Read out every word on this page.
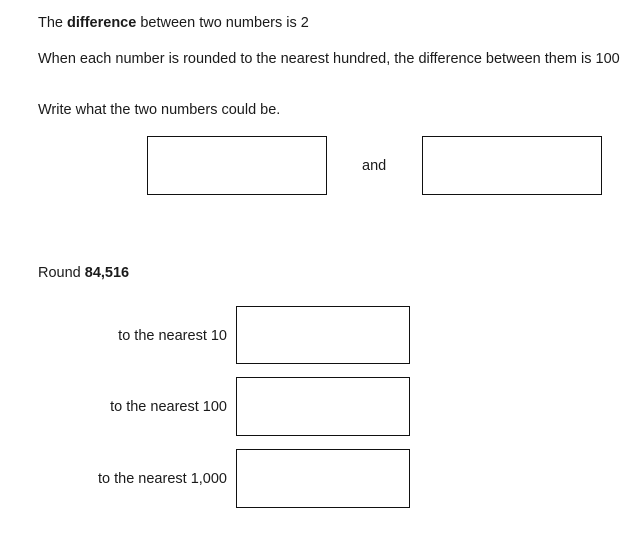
The difference between two numbers is 2

When each number is rounded to the nearest hundred, the difference between them is 100

Write what the two numbers could be.

and

Round 84,516

to the nearest 10
to the nearest 100
to the nearest 1,000
